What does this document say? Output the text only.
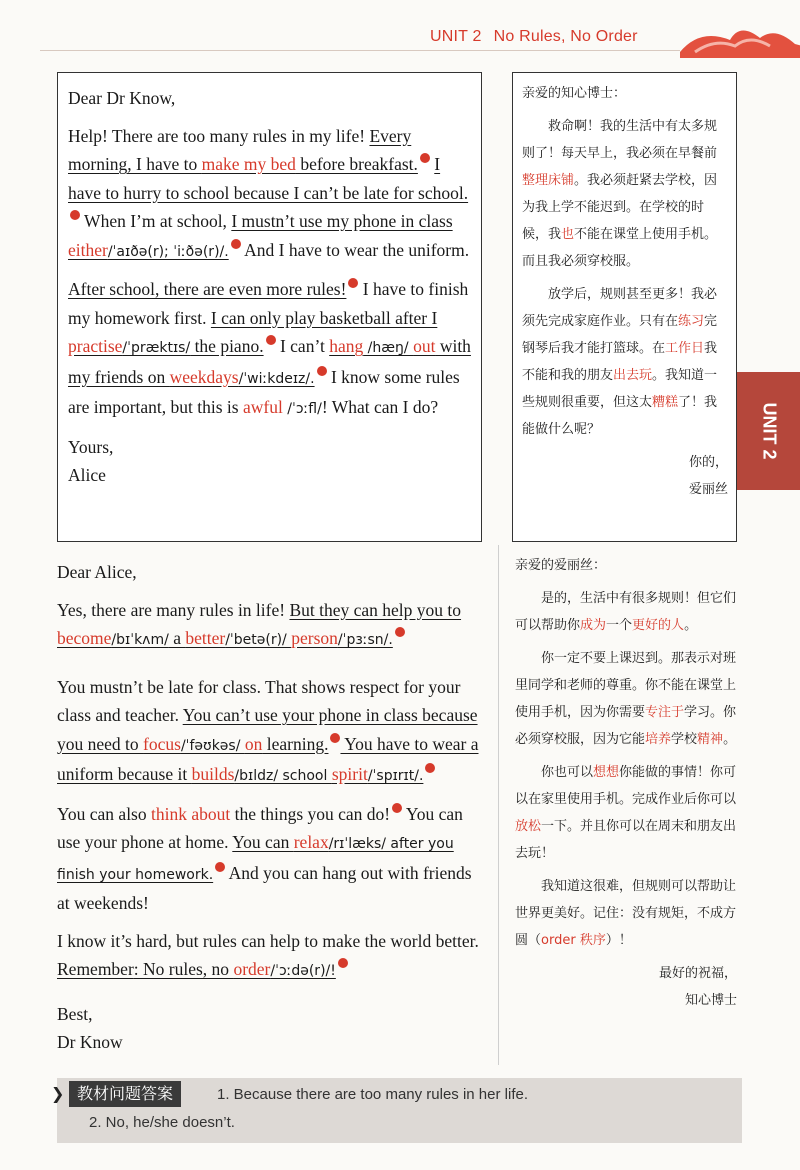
UNIT 2 No Rules, No Order

Dear Dr Know,

Help! There are too many rules in my life! Every morning, I have to make my bed before breakfast. I have to hurry to school because I can’t be late for school. When I’m at school, I mustn’t use my phone in class either/ˈaɪðə(r); ˈiːðə(r)/. And I have to wear the uniform.

After school, there are even more rules! I have to finish my homework first. I can only play basketball after I practise/ˈpræktɪs/ the piano. I can’t hang /hæŋ/ out with my friends on weekdays/ˈwiːkdeɪz/. I know some rules are important, but this is awful /ˈɔːfl/! What can I do?

Yours,

Alice

亲爱的知心博士：

救命啊！我的生活中有太多规则了！每天早上，我必须在早餐前整理床铺。我必须赶紧去学校，因为我上学不能迟到。在学校的时候，我也不能在课堂上使用手机。而且我必须穿校服。

放学后，规则甚至更多！我必须先完成家庭作业。只有在练习完钢琴后我才能打篮球。在工作日我不能和我的朋友出去玩。我知道一些规则很重要，但这太糟糕了！我能做什么呢？

你的，

爱丽丝

UNIT 2

Dear Alice,

Yes, there are many rules in life! But they can help you to become/bɪˈkʌm/ a better/ˈbetə(r)/ person/ˈpɜːsn/.

You mustn’t be late for class. That shows respect for your class and teacher. You can’t use your phone in class because you need to focus/ˈfəʊkəs/ on learning. You have to wear a uniform because it builds/bɪldz/ school spirit/ˈspɪrɪt/.

You can also think about the things you can do! You can use your phone at home. You can relax/rɪˈlæks/ after you finish your homework. And you can hang out with friends at weekends!

I know it’s hard, but rules can help to make the world better. Remember: No rules, no order/ˈɔːdə(r)/!

Best,

Dr Know

亲爱的爱丽丝：

是的，生活中有很多规则！但它们可以帮助你成为一个更好的人。

你一定不要上课迟到。那表示对班里同学和老师的尊重。你不能在课堂上使用手机，因为你需要专注于学习。你必须穿校服，因为它能培养学校精神。

你也可以想想你能做的事情！你可以在家里使用手机。完成作业后你可以放松一下。并且你可以在周末和朋友出去玩！

我知道这很难，但规则可以帮助让世界更美好。记住：没有规矩，不成方圆（order 秩序）！

最好的祝福，

知心博士

❯ 教材问题答案	1. Because there are too many rules in her life.
2. No, he/she doesn’t.
